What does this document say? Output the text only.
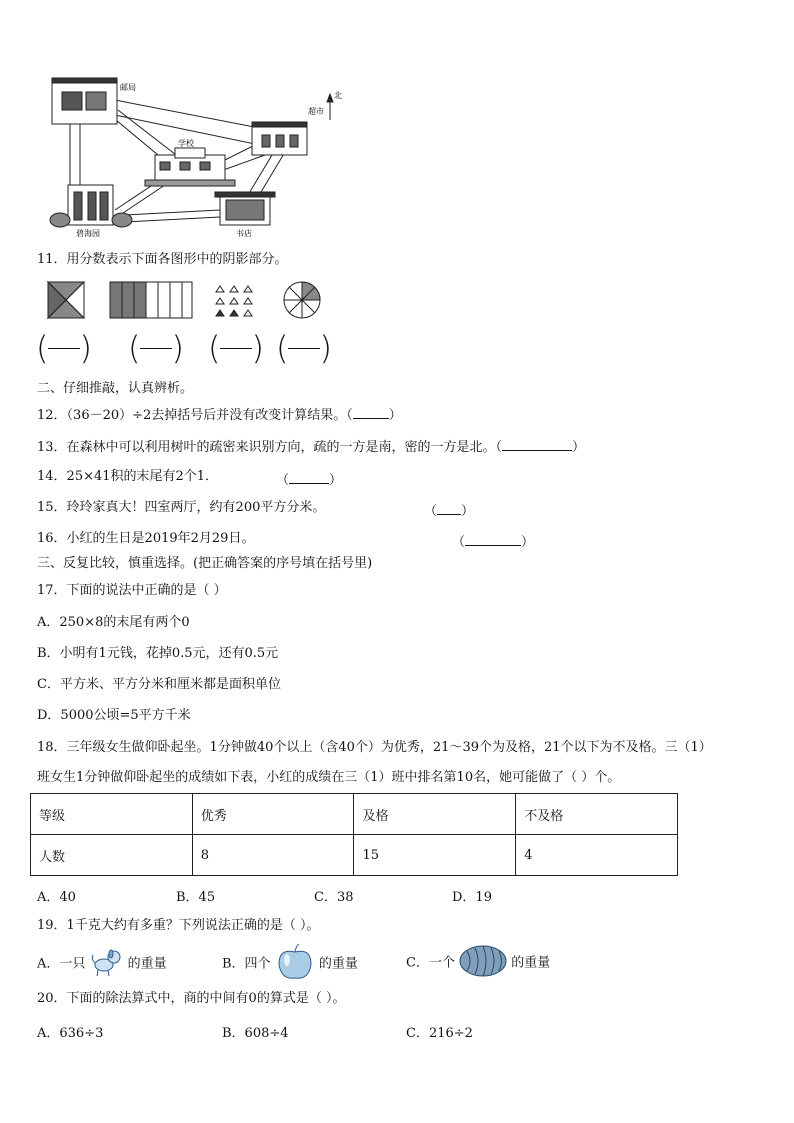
邮局
超市
北
学校
碧海园	书店
11．用分数表示下面各图形中的阴影部分。
( ) ( ) ( ) ( )
二、仔细推敲，认真辨析。
12．（36－20）÷2去掉括号后并没有改变计算结果。（	）
13．在森林中可以利用树叶的疏密来识别方向，疏的一方是南，密的一方是北。（	）
14．25×41积的末尾有2个1．	（	）
15．玲玲家真大！四室两厅，约有200平方分米。	（ ）
16．小红的生日是2019年2月29日。	（	）
三、反复比较，慎重选择。(把正确答案的序号填在括号里)
17．下面的说法中正确的是（ ）
A．250×8的末尾有两个0
B．小明有1元钱，花掉0.5元，还有0.5元
C．平方米、平方分米和厘米都是面积单位
D．5000公顷=5平方千米
18．三年级女生做仰卧起坐。1分钟做40个以上（含40个）为优秀，21～39个为及格，21个以下为不及格。三（1）
班女生1分钟做仰卧起坐的成绩如下表，小红的成绩在三（1）班中排名第10名，她可能做了（ ）个。
等级	优秀	及格	不及格
人数	8	15	4
A．40	B．45	C．38	D．19
19．1千克大约有多重？下列说法正确的是（ ）。
A．一只	的重量	B．四个	的重量	C．一个	的重量
20．下面的除法算式中，商的中间有0的算式是（ ）。
A．636÷3	B．608÷4	C．216÷2
